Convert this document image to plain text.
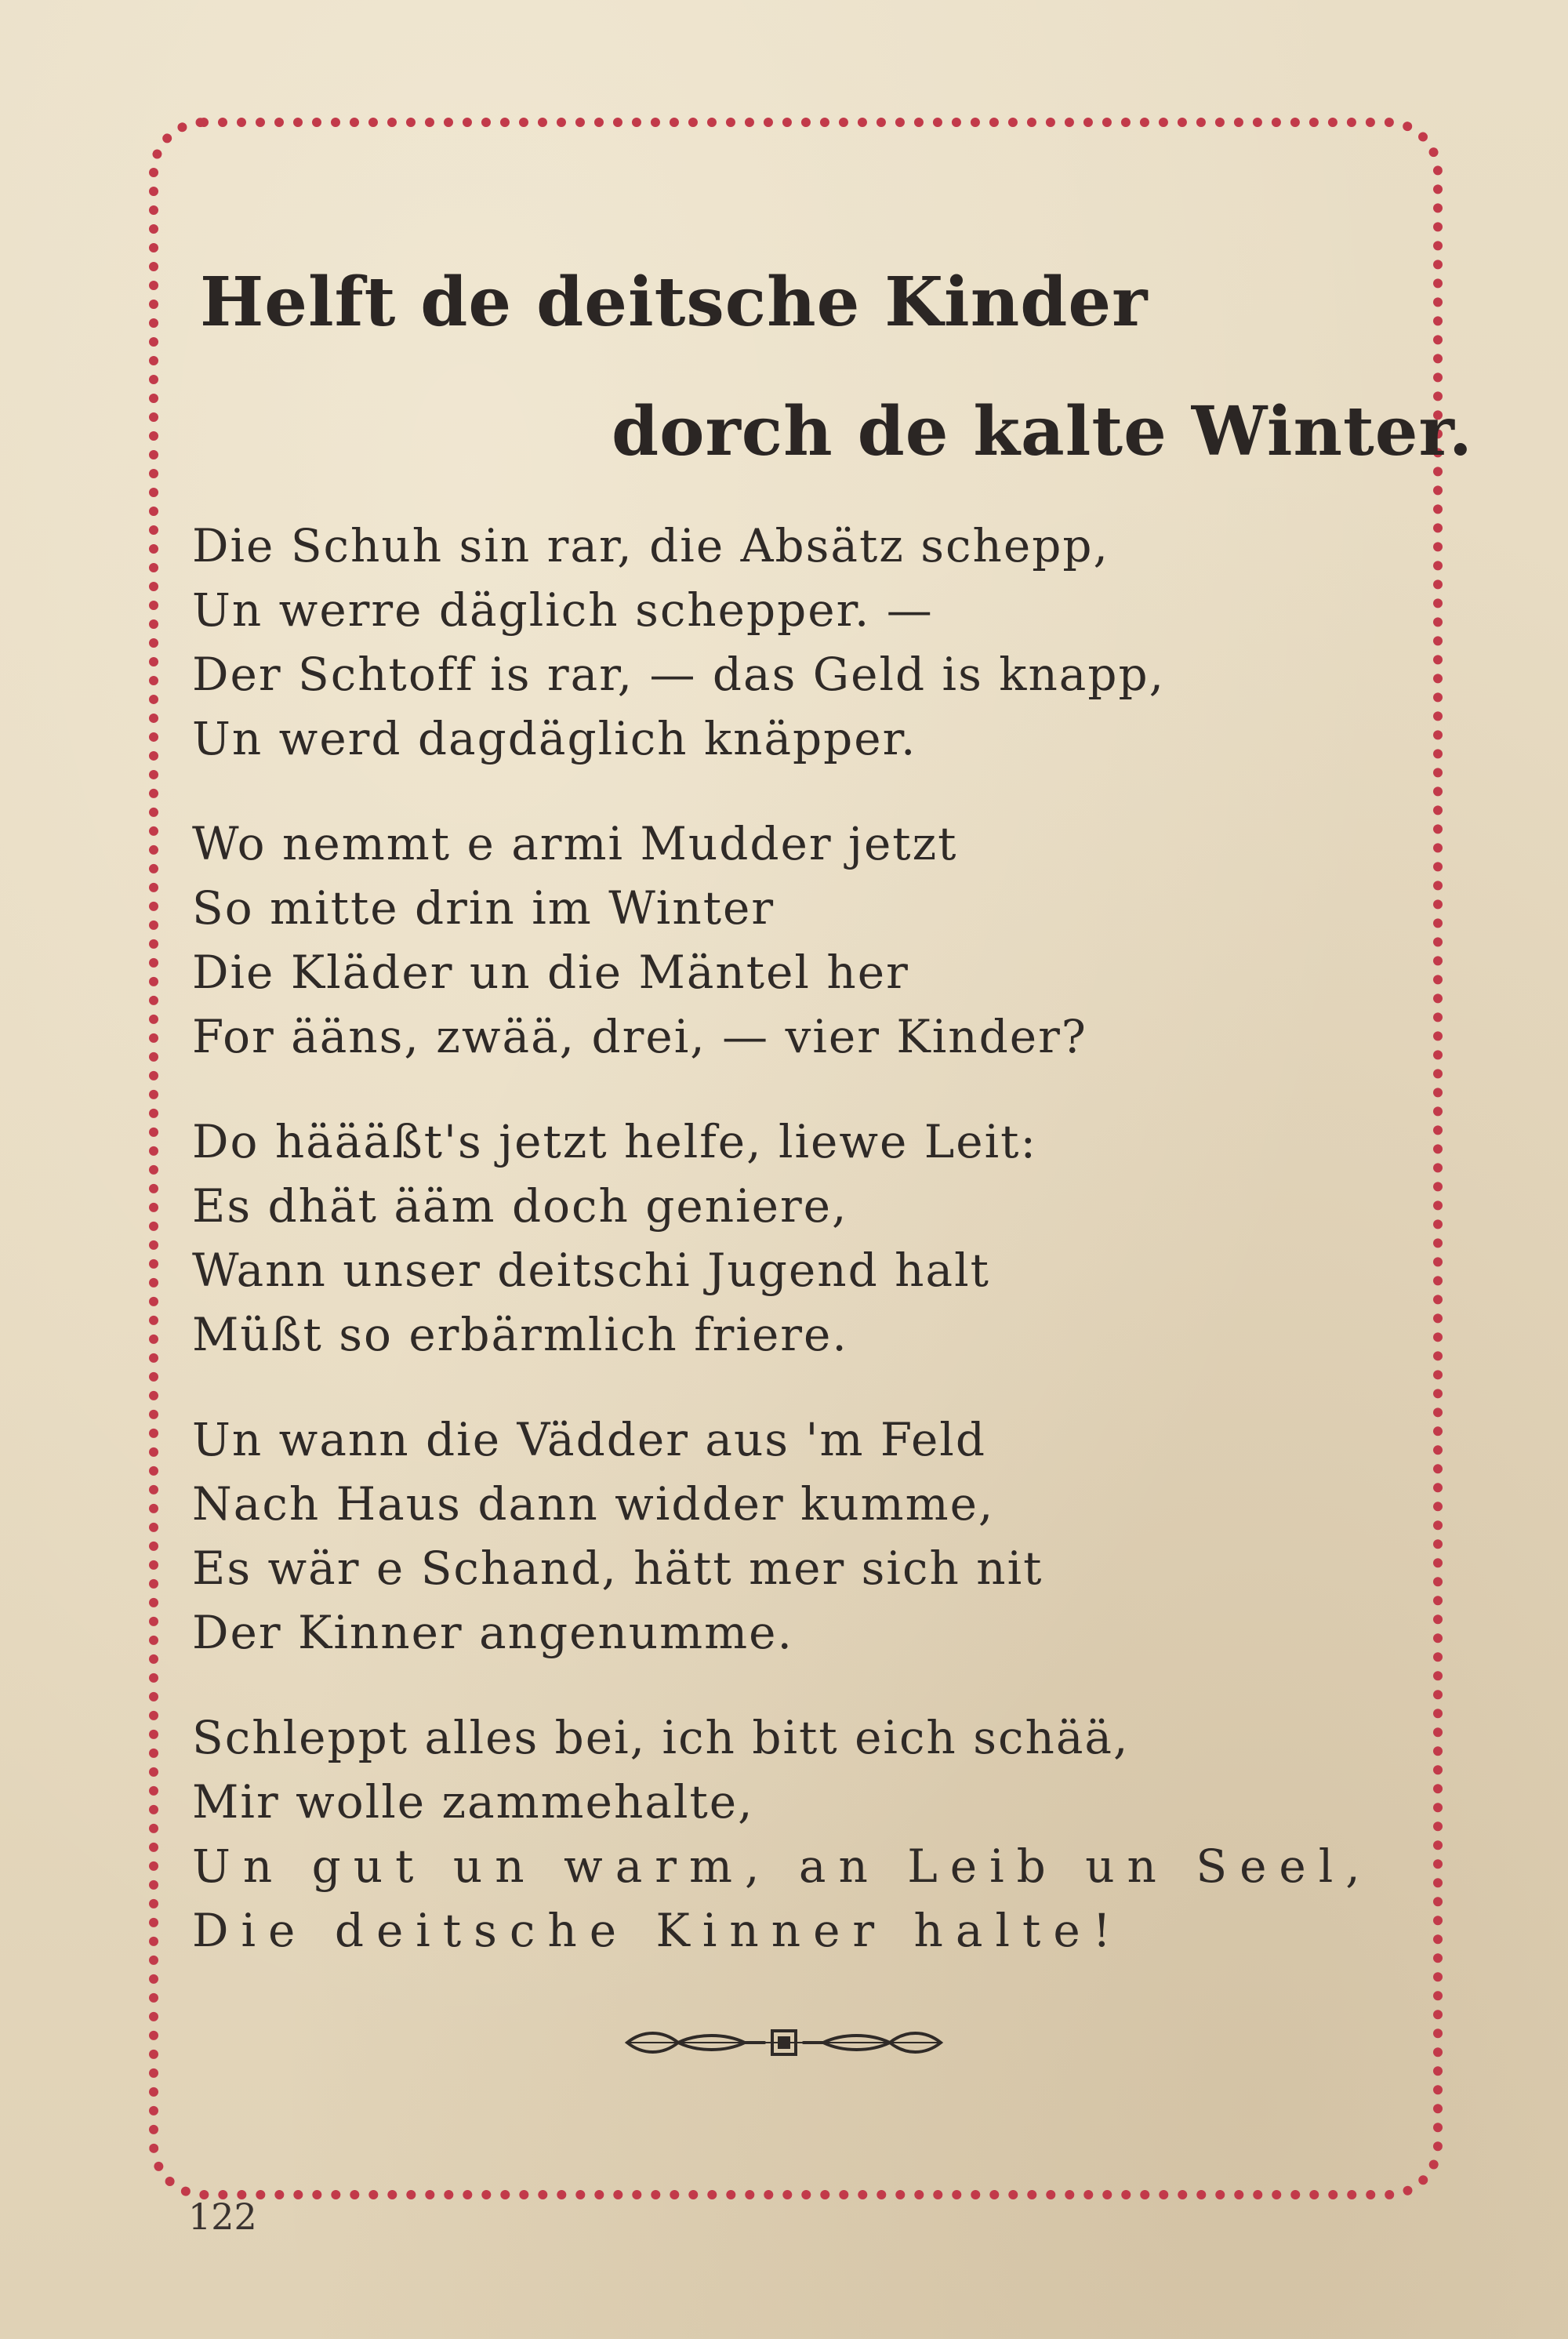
Helft de deitsche Kinder
dorch de kalte Winter.
Die Schuh sin rar, die Absätz schepp,
Un werre däglich schepper. —
Der Schtoff is rar, — das Geld is knapp,
Un werd dagdäglich knäpper.
Wo nemmt e armi Mudder jetzt
So mitte drin im Winter
Die Kläder un die Mäntel her
For ääns, zwää, drei, — vier Kinder?
Do häääßt's jetzt helfe, liewe Leit:
Es dhät ääm doch geniere,
Wann unser deitschi Jugend halt
Müßt so erbärmlich friere.
Un wann die Vädder aus 'm Feld
Nach Haus dann widder kumme,
Es wär e Schand, hätt mer sich nit
Der Kinner angenumme.
Schleppt alles bei, ich bitt eich schää,
Mir wolle zammehalte,
Un gut un warm, an Leib un Seel,
Die deitsche Kinner halte!

122
